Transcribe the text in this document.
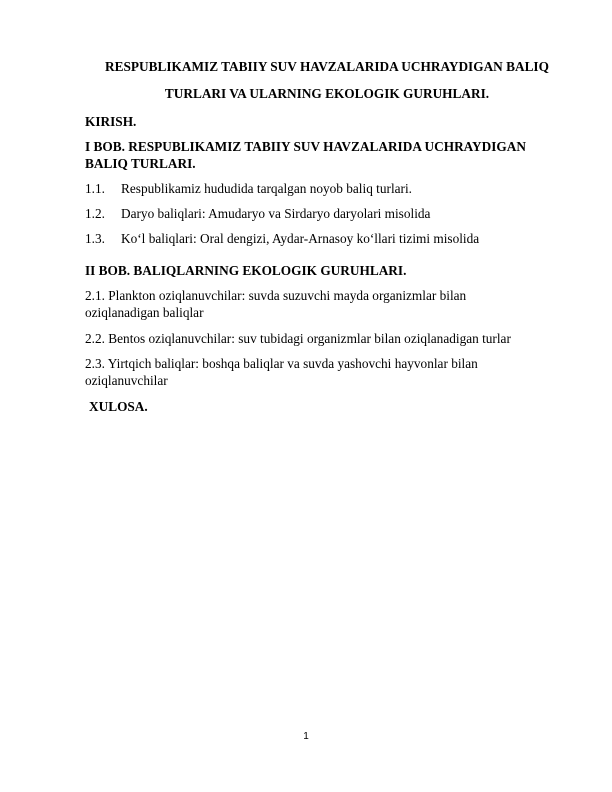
RESPUBLIKAMIZ TABIIY SUV HAVZALARIDA UCHRAYDIGAN BALIQ
TURLARI VA ULARNING EKOLOGIK GURUHLARI.
KIRISH.
I BOB. RESPUBLIKAMIZ TABIIY SUV HAVZALARIDA UCHRAYDIGAN
BALIQ TURLARI.
1.1. Respublikamiz hududida tarqalgan noyob baliq turlari.
1.2. Daryo baliqlari: Amudaryo va Sirdaryo daryolari misolida
1.3. Ko‘l baliqlari: Oral dengizi, Aydar-Arnasoy ko‘llari tizimi misolida
II BOB. BALIQLARNING EKOLOGIK GURUHLARI.
2.1. Plankton oziqlanuvchilar: suvda suzuvchi mayda organizmlar bilan
oziqlanadigan baliqlar
2.2. Bentos oziqlanuvchilar: suv tubidagi organizmlar bilan oziqlanadigan turlar
2.3. Yirtqich baliqlar: boshqa baliqlar va suvda yashovchi hayvonlar bilan
oziqlanuvchilar
XULOSA.
1
